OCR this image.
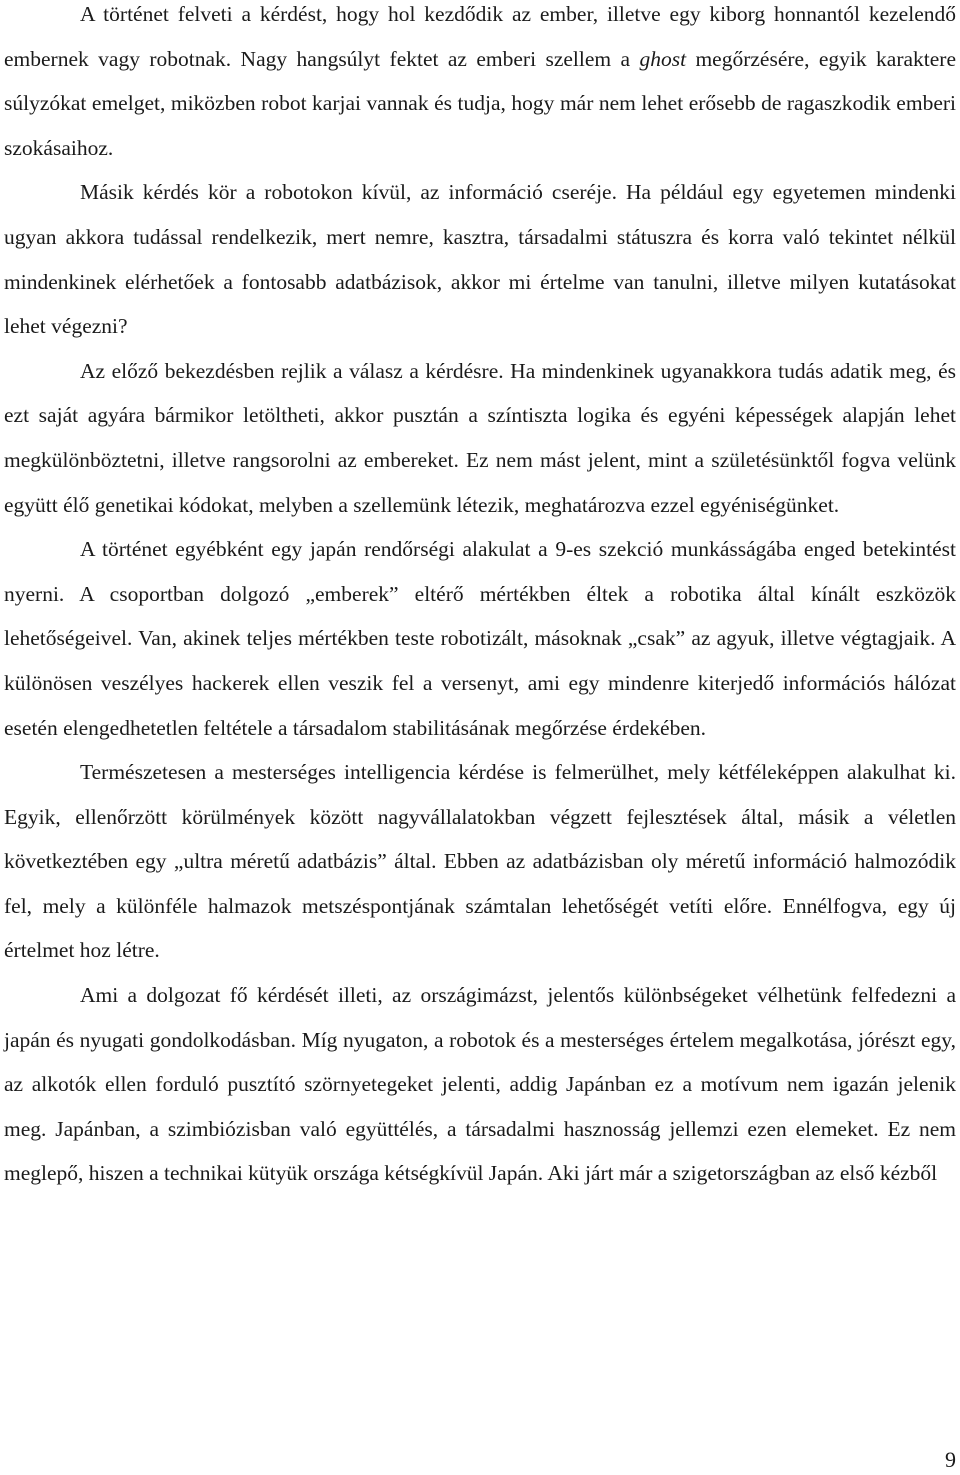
A történet felveti a kérdést, hogy hol kezdődik az ember, illetve egy kiborg honnantól kezelendő embernek vagy robotnak. Nagy hangsúlyt fektet az emberi szellem a ghost megőrzésére, egyik karaktere súlyzókat emelget, miközben robot karjai vannak és tudja, hogy már nem lehet erősebb de ragaszkodik emberi szokásaihoz.

Másik kérdés kör a robotokon kívül, az információ cseréje. Ha például egy egyetemen mindenki ugyan akkora tudással rendelkezik, mert nemre, kasztra, társadalmi státuszra és korra való tekintet nélkül mindenkinek elérhetőek a fontosabb adatbázisok, akkor mi értelme van tanulni, illetve milyen kutatásokat lehet végezni?

Az előző bekezdésben rejlik a válasz a kérdésre. Ha mindenkinek ugyanakkora tudás adatik meg, és ezt saját agyára bármikor letöltheti, akkor pusztán a színtiszta logika és egyéni képességek alapján lehet megkülönböztetni, illetve rangsorolni az embereket. Ez nem mást jelent, mint a születésünktől fogva velünk együtt élő genetikai kódokat, melyben a szellemünk létezik, meghatározva ezzel egyéniségünket.

A történet egyébként egy japán rendőrségi alakulat a 9-es szekció munkásságába enged betekintést nyerni. A csoportban dolgozó „emberek” eltérő mértékben éltek a robotika által kínált eszközök lehetőségeivel. Van, akinek teljes mértékben teste robotizált, másoknak „csak” az agyuk, illetve végtagjaik. A különösen veszélyes hackerek ellen veszik fel a versenyt, ami egy mindenre kiterjedő információs hálózat esetén elengedhetetlen feltétele a társadalom stabilitásának megőrzése érdekében.

Természetesen a mesterséges intelligencia kérdése is felmerülhet, mely kétféleképpen alakulhat ki. Egyik, ellenőrzött körülmények között nagyvállalatokban végzett fejlesztések által, másik a véletlen következtében egy „ultra méretű adatbázis” által. Ebben az adatbázisban oly méretű információ halmozódik fel, mely a különféle halmazok metszéspontjának számtalan lehetőségét vetíti előre. Ennélfogva, egy új értelmet hoz létre.

Ami a dolgozat fő kérdését illeti, az országimázst, jelentős különbségeket vélhetünk felfedezni a japán és nyugati gondolkodásban. Míg nyugaton, a robotok és a mesterséges értelem megalkotása, jórészt egy, az alkotók ellen forduló pusztító szörnyetegeket jelenti, addig Japánban ez a motívum nem igazán jelenik meg. Japánban, a szimbiózisban való együttélés, a társadalmi hasznosság jellemzi ezen elemeket. Ez nem meglepő, hiszen a technikai kütyük országa kétségkívül Japán. Aki járt már a szigetországban az első kézből

9
